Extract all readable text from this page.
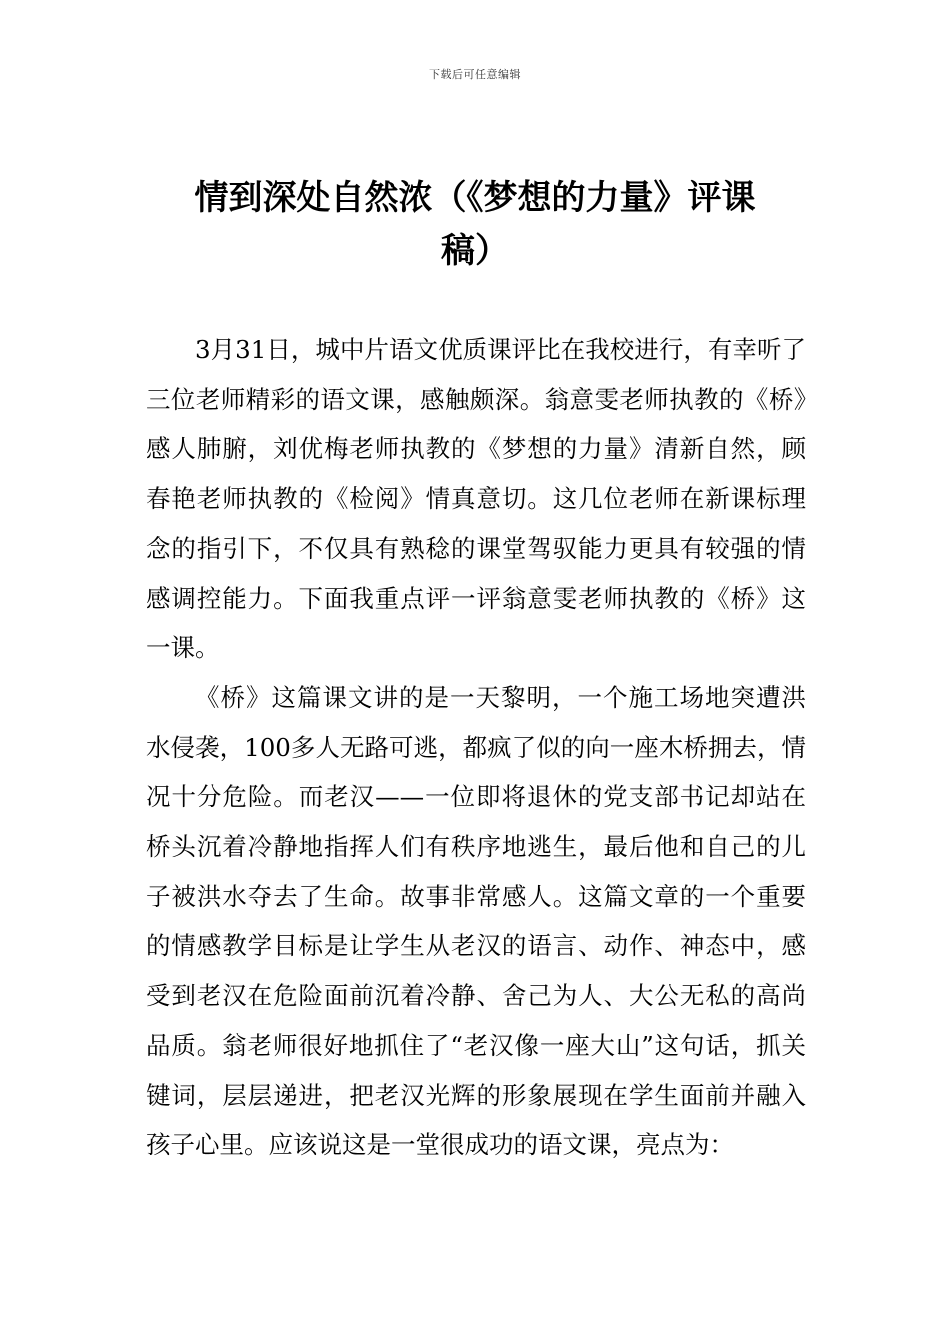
下载后可任意编辑
情到深处自然浓（《梦想的力量》评课
稿）

3月31日，城中片语文优质课评比在我校进行，有幸听了三位老师精彩的语文课，感触颇深。翁意雯老师执教的《桥》感人肺腑，刘优梅老师执教的《梦想的力量》清新自然，顾春艳老师执教的《检阅》情真意切。这几位老师在新课标理念的指引下，不仅具有熟稔的课堂驾驭能力更具有较强的情感调控能力。下面我重点评一评翁意雯老师执教的《桥》这一课。

《桥》这篇课文讲的是一天黎明，一个施工场地突遭洪水侵袭，100多人无路可逃，都疯了似的向一座木桥拥去，情况十分危险。而老汉——一位即将退休的党支部书记却站在桥头沉着冷静地指挥人们有秩序地逃生，最后他和自己的儿子被洪水夺去了生命。故事非常感人。这篇文章的一个重要的情感教学目标是让学生从老汉的语言、动作、神态中，感受到老汉在危险面前沉着冷静、舍己为人、大公无私的高尚品质。翁老师很好地抓住了“老汉像一座大山”这句话，抓关键词，层层递进，把老汉光辉的形象展现在学生面前并融入孩子心里。应该说这是一堂很成功的语文课，亮点为：
